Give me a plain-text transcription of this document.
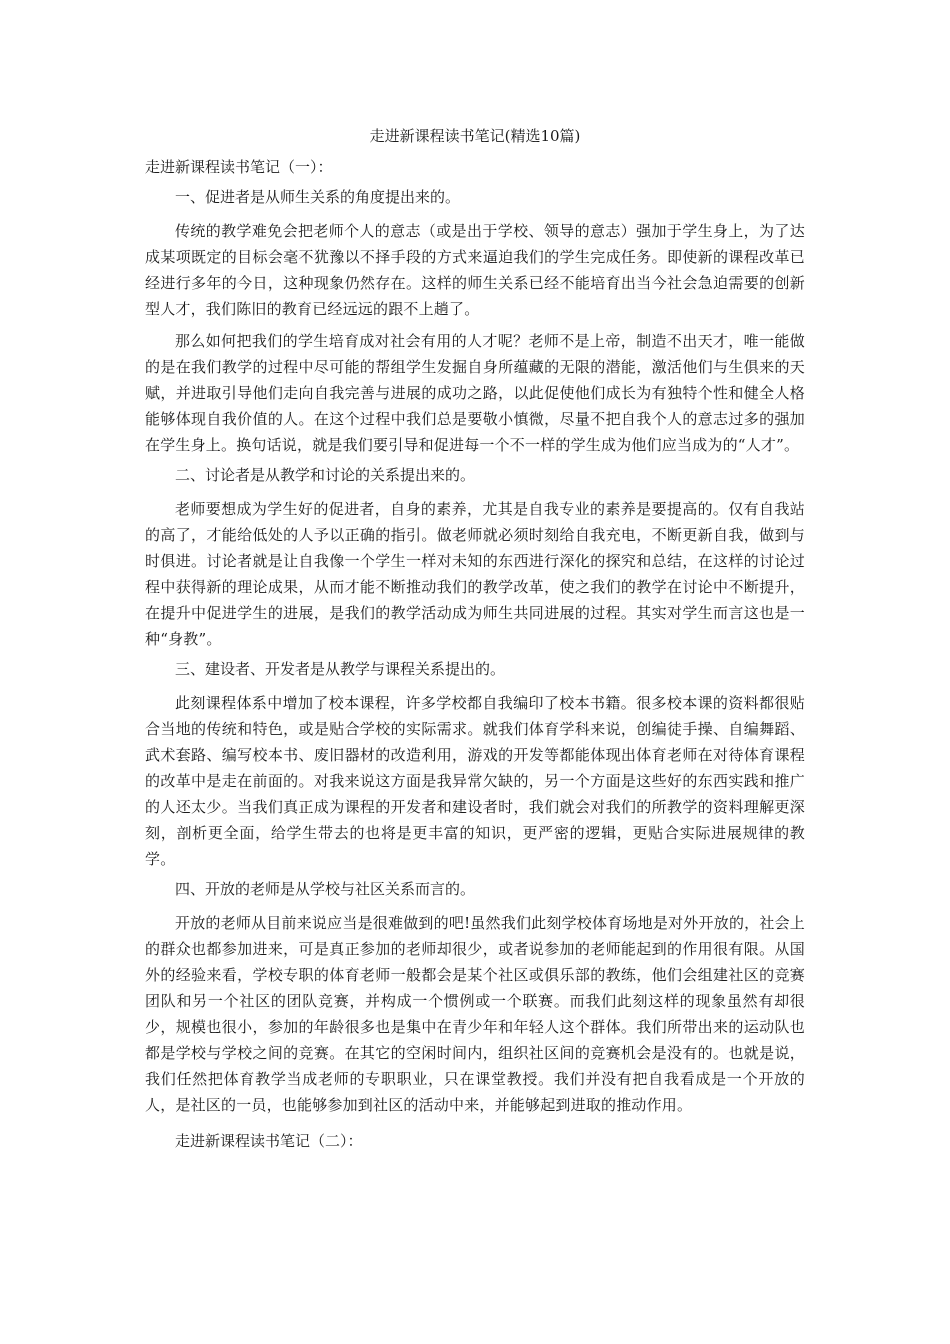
走进新课程读书笔记(精选10篇)
走进新课程读书笔记（一）：
一、促进者是从师生关系的角度提出来的。
传统的教学难免会把老师个人的意志（或是出于学校、领导的意志）强加于学生身上，为了达成某项既定的目标会毫不犹豫以不择手段的方式来逼迫我们的学生完成任务。即使新的课程改革已经进行多年的今日，这种现象仍然存在。这样的师生关系已经不能培育出当今社会急迫需要的创新型人才，我们陈旧的教育已经远远的跟不上趟了。
那么如何把我们的学生培育成对社会有用的人才呢？老师不是上帝，制造不出天才，唯一能做的是在我们教学的过程中尽可能的帮组学生发掘自身所蕴藏的无限的潜能，激活他们与生俱来的天赋，并进取引导他们走向自我完善与进展的成功之路，以此促使他们成长为有独特个性和健全人格能够体现自我价值的人。在这个过程中我们总是要敬小慎微，尽量不把自我个人的意志过多的强加在学生身上。换句话说，就是我们要引导和促进每一个不一样的学生成为他们应当成为的“人才”。
二、讨论者是从教学和讨论的关系提出来的。
老师要想成为学生好的促进者，自身的素养，尤其是自我专业的素养是要提高的。仅有自我站的高了，才能给低处的人予以正确的指引。做老师就必须时刻给自我充电，不断更新自我，做到与时俱进。讨论者就是让自我像一个学生一样对未知的东西进行深化的探究和总结，在这样的讨论过程中获得新的理论成果，从而才能不断推动我们的教学改革，使之我们的教学在讨论中不断提升，在提升中促进学生的进展，是我们的教学活动成为师生共同进展的过程。其实对学生而言这也是一种“身教”。
三、建设者、开发者是从教学与课程关系提出的。
此刻课程体系中增加了校本课程，许多学校都自我编印了校本书籍。很多校本课的资料都很贴合当地的传统和特色，或是贴合学校的实际需求。就我们体育学科来说，创编徒手操、自编舞蹈、武术套路、编写校本书、废旧器材的改造利用，游戏的开发等都能体现出体育老师在对待体育课程的改革中是走在前面的。对我来说这方面是我异常欠缺的，另一个方面是这些好的东西实践和推广的人还太少。当我们真正成为课程的开发者和建设者时，我们就会对我们的所教学的资料理解更深刻，剖析更全面，给学生带去的也将是更丰富的知识，更严密的逻辑，更贴合实际进展规律的教学。
四、开放的老师是从学校与社区关系而言的。
开放的老师从目前来说应当是很难做到的吧!虽然我们此刻学校体育场地是对外开放的，社会上的群众也都参加进来，可是真正参加的老师却很少，或者说参加的老师能起到的作用很有限。从国外的经验来看，学校专职的体育老师一般都会是某个社区或俱乐部的教练，他们会组建社区的竞赛团队和另一个社区的团队竞赛，并构成一个惯例或一个联赛。而我们此刻这样的现象虽然有却很少，规模也很小，参加的年龄很多也是集中在青少年和年轻人这个群体。我们所带出来的运动队也都是学校与学校之间的竞赛。在其它的空闲时间内，组织社区间的竞赛机会是没有的。也就是说，我们任然把体育教学当成老师的专职职业，只在课堂教授。我们并没有把自我看成是一个开放的人，是社区的一员，也能够参加到社区的活动中来，并能够起到进取的推动作用。
走进新课程读书笔记（二）：
